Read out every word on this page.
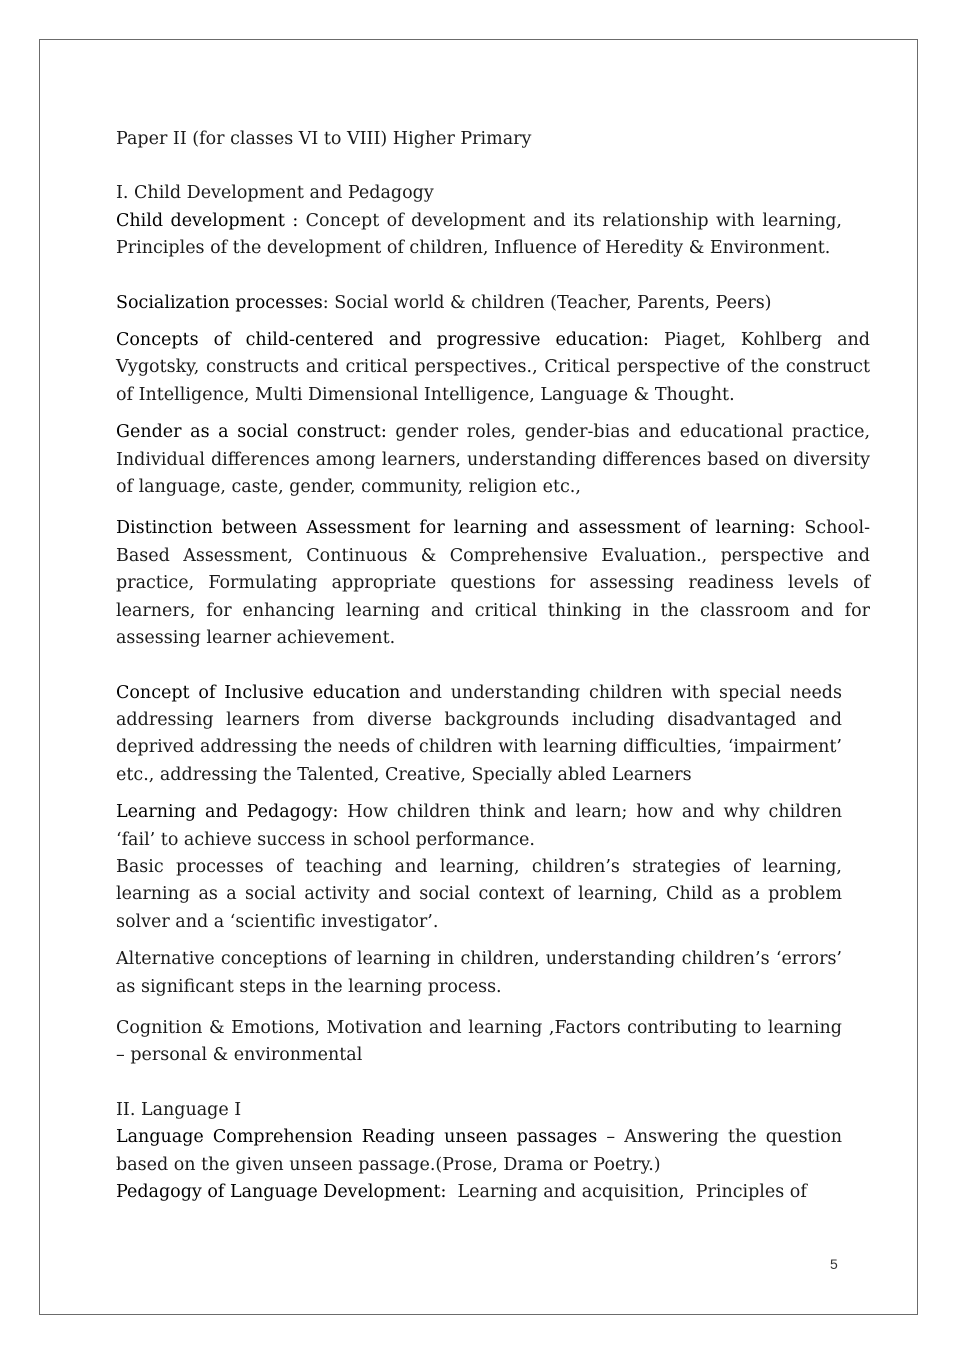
Paper II (for classes VI to VIII) Higher Primary

I. Child Development and Pedagogy

Child development : Concept of development and its relationship with learning, Principles of the development of children, Influence of Heredity & Environment.

Socialization processes: Social world & children (Teacher, Parents, Peers)

Concepts of child-centered and progressive education: Piaget, Kohlberg and Vygotsky, constructs and critical perspectives., Critical perspective of the construct of Intelligence, Multi Dimensional Intelligence, Language & Thought.

Gender as a social construct: gender roles, gender-bias and educational practice, Individual differences among learners, understanding differences based on diversity of language, caste, gender, community, religion etc.,

Distinction between Assessment for learning and assessment of learning: School-Based Assessment, Continuous & Comprehensive Evaluation., perspective and practice, Formulating appropriate questions for assessing readiness levels of learners, for enhancing learning and critical thinking in the classroom and for assessing learner achievement.

Concept of Inclusive education and understanding children with special needs addressing learners from diverse backgrounds including disadvantaged and deprived addressing the needs of children with learning difficulties, ‘impairment’ etc., addressing the Talented, Creative, Specially abled Learners

Learning and Pedagogy: How children think and learn; how and why children ‘fail’ to achieve success in school performance.

Basic processes of teaching and learning, children’s strategies of learning, learning as a social activity and social context of learning, Child as a problem solver and a ‘scientific investigator’.

Alternative conceptions of learning in children, understanding children’s ‘errors’ as significant steps in the learning process.

Cognition & Emotions, Motivation and learning ,Factors contributing to learning – personal & environmental

II. Language I

Language Comprehension Reading unseen passages – Answering the question based on the given unseen passage.(Prose, Drama or Poetry.)

Pedagogy of Language Development:  Learning and acquisition,  Principles of

5
